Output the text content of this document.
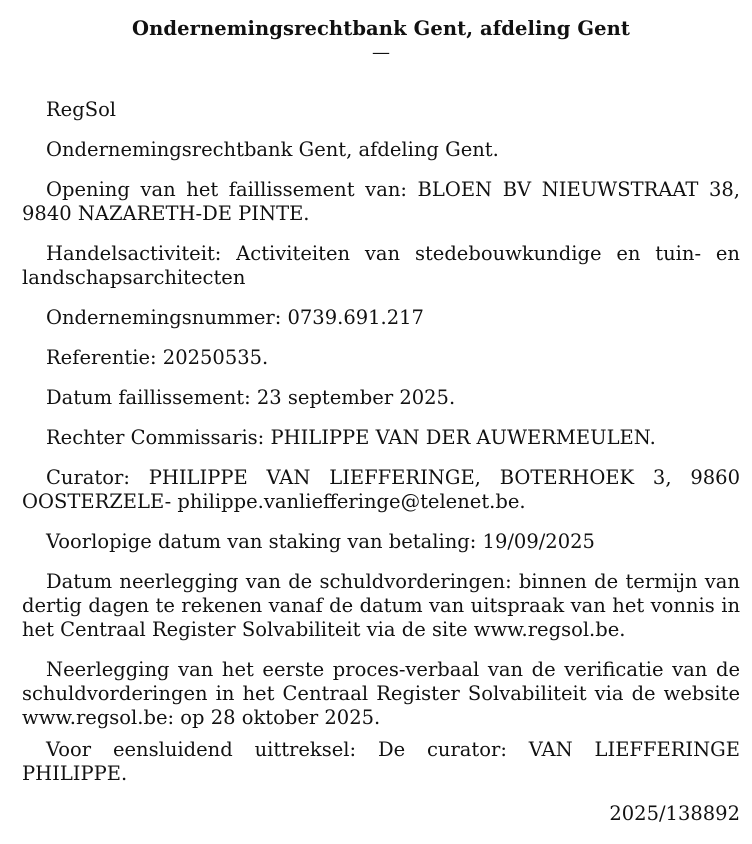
Ondernemingsrechtbank Gent, afdeling Gent
—

RegSol

Ondernemingsrechtbank Gent, afdeling Gent.

Opening van het faillissement van: BLOEN BV NIEUWSTRAAT 38, 9840 NAZARETH-DE PINTE.

Handelsactiviteit: Activiteiten van stedebouwkundige en tuin- en landschapsarchitecten

Ondernemingsnummer: 0739.691.217

Referentie: 20250535.

Datum faillissement: 23 september 2025.

Rechter Commissaris: PHILIPPE VAN DER AUWERMEULEN.

Curator: PHILIPPE VAN LIEFFERINGE, BOTERHOEK 3, 9860 OOSTERZELE- philippe.vanliefferinge@telenet.be.

Voorlopige datum van staking van betaling: 19/09/2025

Datum neerlegging van de schuldvorderingen: binnen de termijn van dertig dagen te rekenen vanaf de datum van uitspraak van het vonnis in het Centraal Register Solvabiliteit via de site www.regsol.be.

Neerlegging van het eerste proces-verbaal van de verificatie van de schuldvorderingen in het Centraal Register Solvabiliteit via de website www.regsol.be: op 28 oktober 2025.

Voor eensluidend uittreksel: De curator: VAN LIEFFERINGE PHILIPPE.

2025/138892
